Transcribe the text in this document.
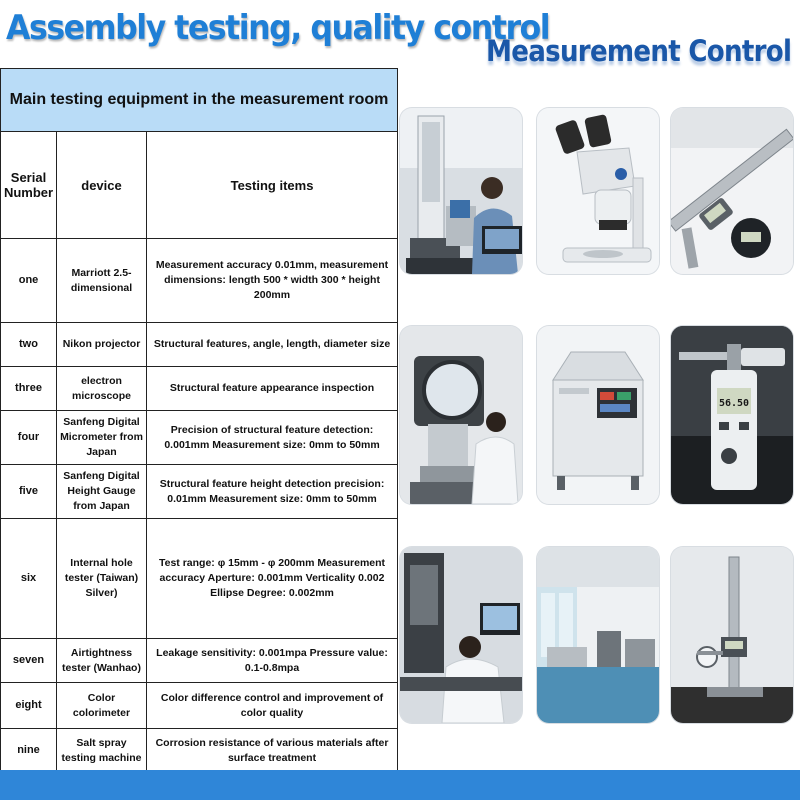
Assembly testing, quality control
Measurement Control
Main testing equipment in the measurement room		
Serial Number	device	Testing items
one	Marriott 2.5-dimensional	Measurement accuracy 0.01mm, measurement dimensions: length 500 * width 300 * height 200mm
two	Nikon projector	Structural features, angle, length, diameter size
three	electron microscope	Structural feature appearance inspection
four	Sanfeng Digital Micrometer from Japan	Precision of structural feature detection: 0.001mm Measurement size: 0mm to 50mm
five	Sanfeng Digital Height Gauge from Japan	Structural feature height detection precision: 0.01mm Measurement size: 0mm to 50mm
six	Internal hole tester (Taiwan) Silver)	Test range: φ 15mm - φ 200mm Measurement accuracy Aperture: 0.001mm Verticality 0.002 Ellipse Degree: 0.002mm
seven	Airtightness tester (Wanhao)	Leakage sensitivity: 0.001mpa Pressure value: 0.1-0.8mpa
eight	Color colorimeter	Color difference control and improvement of color quality
nine	Salt spray testing machine	Corrosion resistance of various materials after surface treatment
56.50
